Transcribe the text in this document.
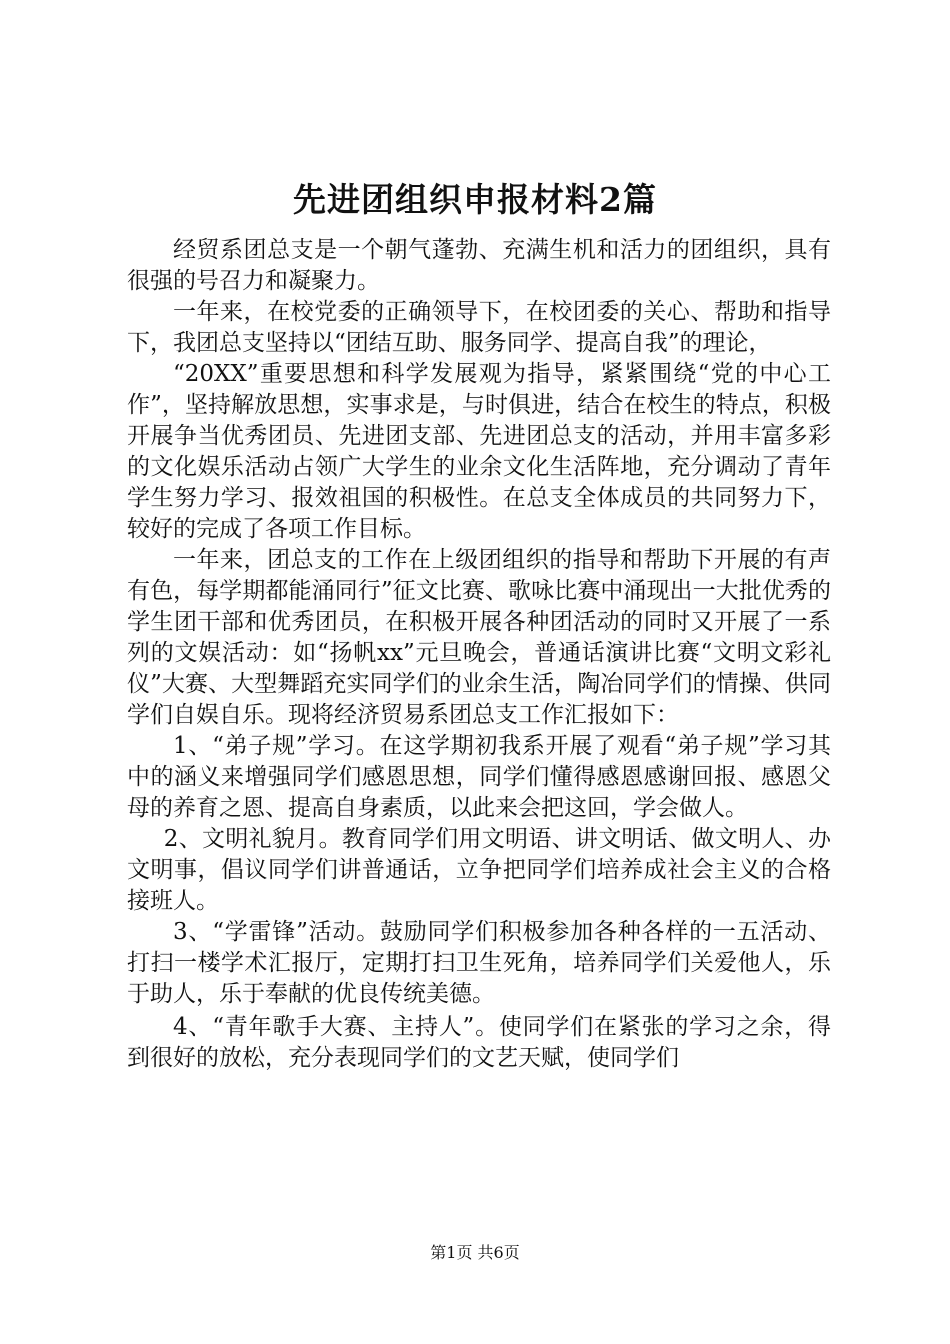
先进团组织申报材料2篇

经贸系团总支是一个朝气蓬勃、充满生机和活力的团组织，具有很强的号召力和凝聚力。

一年来，在校党委的正确领导下，在校团委的关心、帮助和指导下，我团总支坚持以“团结互助、服务同学、提高自我”的理论，

“20XX”重要思想和科学发展观为指导，紧紧围绕“党的中心工作”，坚持解放思想，实事求是，与时俱进，结合在校生的特点，积极开展争当优秀团员、先进团支部、先进团总支的活动，并用丰富多彩的文化娱乐活动占领广大学生的业余文化生活阵地，充分调动了青年学生努力学习、报效祖国的积极性。在总支全体成员的共同努力下，较好的完成了各项工作目标。

一年来，团总支的工作在上级团组织的指导和帮助下开展的有声有色，每学期都能涌同行”征文比赛、歌咏比赛中涌现出一大批优秀的学生团干部和优秀团员，在积极开展各种团活动的同时又开展了一系列的文娱活动：如“扬帆xx”元旦晚会，普通话演讲比赛“文明文彩礼仪”大赛、大型舞蹈充实同学们的业余生活，陶冶同学们的情操、供同学们自娱自乐。现将经济贸易系团总支工作汇报如下：

1、“弟子规”学习。在这学期初我系开展了观看“弟子规”学习其中的涵义来增强同学们感恩思想，同学们懂得感恩感谢回报、感恩父母的养育之恩、提高自身素质，以此来会把这回，学会做人。

2、文明礼貌月。教育同学们用文明语、讲文明话、做文明人、办文明事，倡议同学们讲普通话，立争把同学们培养成社会主义的合格接班人。

3、“学雷锋”活动。鼓励同学们积极参加各种各样的一五活动、打扫一楼学术汇报厅，定期打扫卫生死角，培养同学们关爱他人，乐于助人，乐于奉献的优良传统美德。

4、“青年歌手大赛、主持人”。使同学们在紧张的学习之余，得到很好的放松，充分表现同学们的文艺天赋，使同学们

第1页 共6页
